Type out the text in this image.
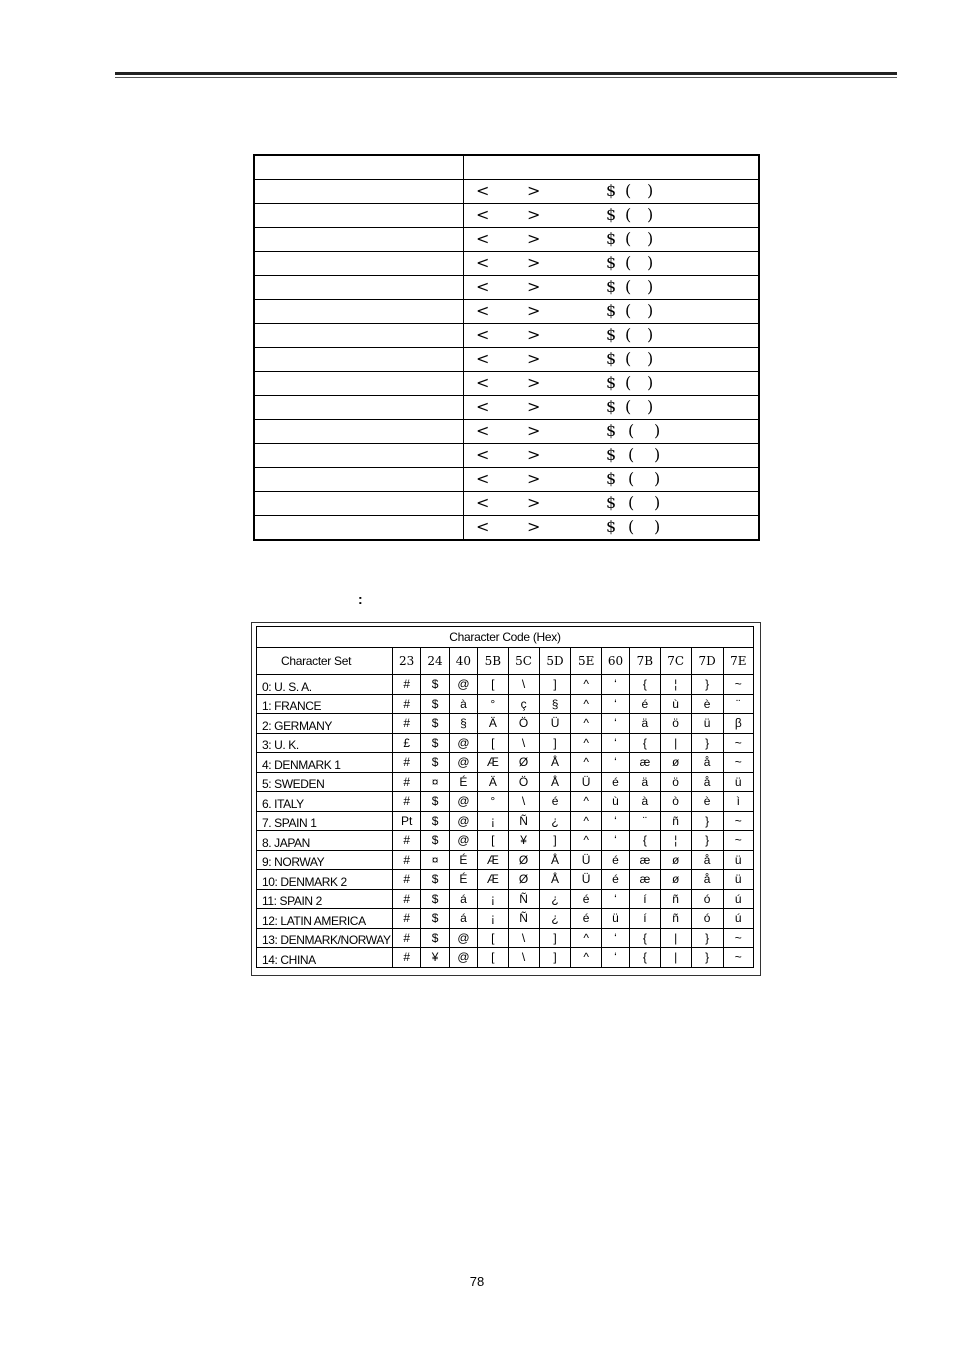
	< > $ ( )

	< > $ ( )

	< > $ ( )

	< > $ ( )

	< > $ ( )

	< > $ ( )

	< > $ ( )

	< > $ ( )

	< > $ ( )

	< > $ ( )

	< > $ ( )

	< > $ ( )

	< > $ ( )

	< > $ ( )

	< > $ ( )
:
Character Code (Hex)												
Character Set	23	24	40	5B	5C	5D	5E	60	7B	7C	7D	7E
0: U. S. A.	#	$	@	[	\	]	^	‘	{	¦	}	~
1: FRANCE	#	$	à	°	ç	§	^	‘	é	ù	è	¨
2: GERMANY	#	$	§	Ä	Ö	Ü	^	‘	ä	ö	ü	β
3: U. K.	£	$	@	[	\	]	^	‘	{	|	}	~
4: DENMARK 1	#	$	@	Æ	Ø	Å	^	‘	æ	ø	å	~
5: SWEDEN	#	¤	É	Ä	Ö	Å	Ü	é	ä	ö	å	ü
6. ITALY	#	$	@	°	\	é	^	ù	à	ò	è	ì
7. SPAIN 1	Pt	$	@	¡	Ñ	¿	^	‘	¨	ñ	}	~
8. JAPAN	#	$	@	[	¥	]	^	‘	{	¦	}	~
9: NORWAY	#	¤	É	Æ	Ø	Å	Ü	é	æ	ø	å	ü
10: DENMARK 2	#	$	É	Æ	Ø	Å	Ü	é	æ	ø	å	ü
11: SPAIN 2	#	$	á	¡	Ñ	¿	é	‘	í	ñ	ó	ú
12: LATIN AMERICA	#	$	á	¡	Ñ	¿	é	ü	í	ñ	ó	ú
13: DENMARK/NORWAY	#	$	@	[	\	]	^	‘	{	|	}	~
14: CHINA	#	¥	@	[	\	]	^	‘	{	|	}	~
78
